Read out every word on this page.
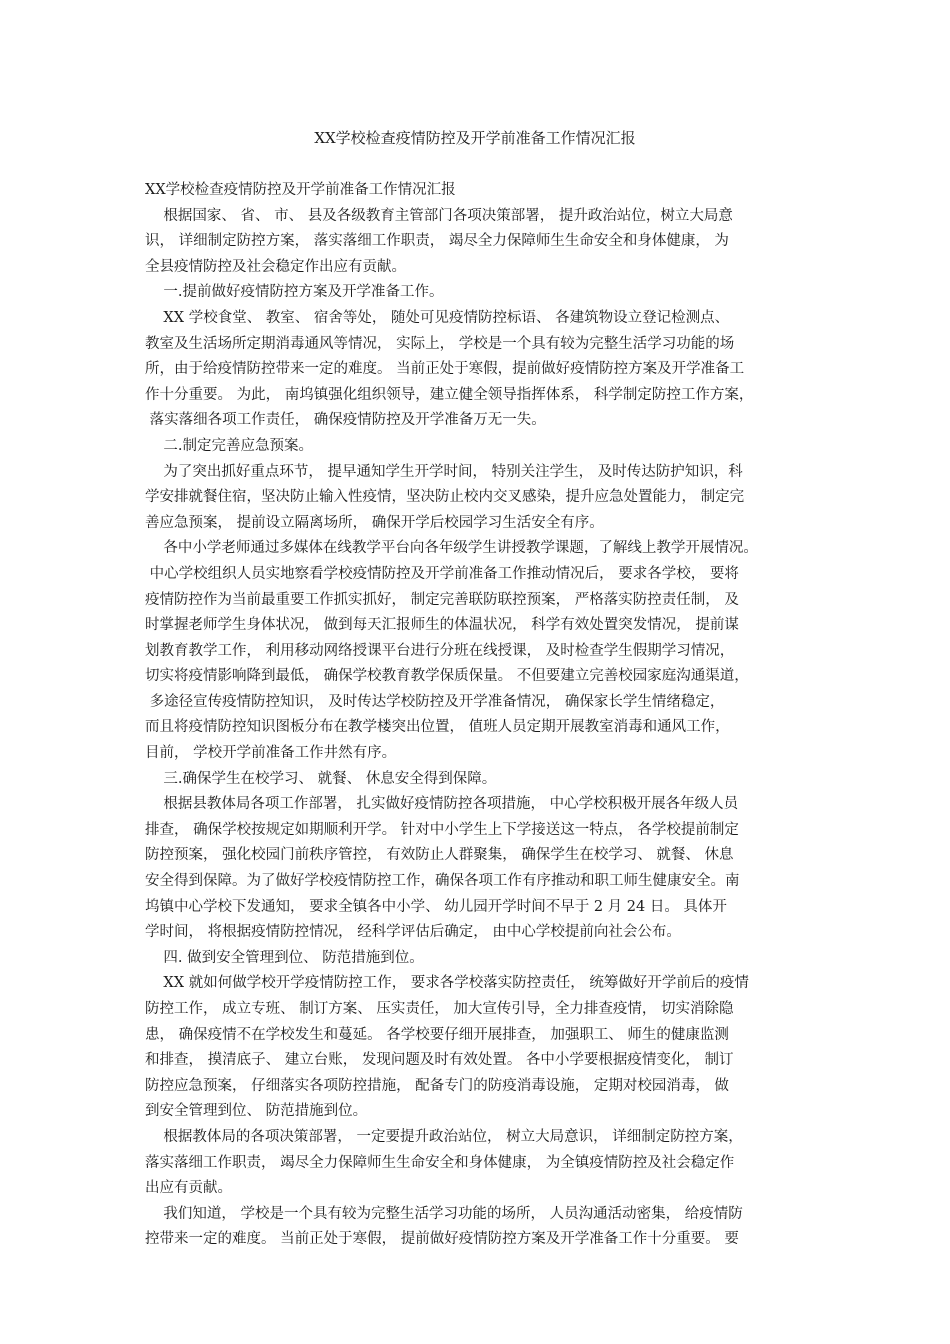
XX学校检查疫情防控及开学前准备工作情况汇报
XX学校检查疫情防控及开学前准备工作情况汇报
根据国家、 省、 市、 县及各级教育主管部门各项决策部署， 提升政治站位，树立大局意
识， 详细制定防控方案， 落实落细工作职责， 竭尽全力保障师生生命安全和身体健康， 为
全县疫情防控及社会稳定作出应有贡献。
一.提前做好疫情防控方案及开学准备工作。
XX 学校食堂、 教室、 宿舍等处， 随处可见疫情防控标语、 各建筑物设立登记检测点、
教室及生活场所定期消毒通风等情况， 实际上， 学校是一个具有较为完整生活学习功能的场
所，由于给疫情防控带来一定的难度。 当前正处于寒假，提前做好疫情防控方案及开学准备工
作十分重要。 为此， 南坞镇强化组织领导，建立健全领导指挥体系， 科学制定防控工作方案，
落实落细各项工作责任， 确保疫情防控及开学准备万无一失。
二.制定完善应急预案。
为了突出抓好重点环节， 提早通知学生开学时间， 特别关注学生， 及时传达防护知识，科
学安排就餐住宿，坚决防止输入性疫情，坚决防止校内交叉感染，提升应急处置能力， 制定完
善应急预案， 提前设立隔离场所， 确保开学后校园学习生活安全有序。
各中小学老师通过多媒体在线教学平台向各年级学生讲授教学课题，了解线上教学开展情况。
中心学校组织人员实地察看学校疫情防控及开学前准备工作推动情况后， 要求各学校， 要将
疫情防控作为当前最重要工作抓实抓好， 制定完善联防联控预案， 严格落实防控责任制， 及
时掌握老师学生身体状况， 做到每天汇报师生的体温状况， 科学有效处置突发情况， 提前谋
划教育教学工作， 利用移动网络授课平台进行分班在线授课， 及时检查学生假期学习情况，
切实将疫情影响降到最低， 确保学校教育教学保质保量。 不但要建立完善校园家庭沟通渠道，
多途径宣传疫情防控知识， 及时传达学校防控及开学准备情况， 确保家长学生情绪稳定，
而且将疫情防控知识图板分布在教学楼突出位置， 值班人员定期开展教室消毒和通风工作，
目前， 学校开学前准备工作井然有序。
三.确保学生在校学习、 就餐、 休息安全得到保障。
根据县教体局各项工作部署， 扎实做好疫情防控各项措施， 中心学校积极开展各年级人员
排查， 确保学校按规定如期顺利开学。 针对中小学生上下学接送这一特点， 各学校提前制定
防控预案， 强化校园门前秩序管控， 有效防止人群聚集， 确保学生在校学习、 就餐、 休息
安全得到保障。为了做好学校疫情防控工作，确保各项工作有序推动和职工师生健康安全。南
坞镇中心学校下发通知， 要求全镇各中小学、 幼儿园开学时间不早于 2 月 24 日。 具体开
学时间， 将根据疫情防控情况， 经科学评估后确定， 由中心学校提前向社会公布。
四. 做到安全管理到位、 防范措施到位。
XX 就如何做学校开学疫情防控工作， 要求各学校落实防控责任， 统筹做好开学前后的疫情
防控工作， 成立专班、 制订方案、 压实责任， 加大宣传引导，全力排查疫情， 切实消除隐
患， 确保疫情不在学校发生和蔓延。 各学校要仔细开展排查， 加强职工、 师生的健康监测
和排查， 摸清底子、 建立台账， 发现问题及时有效处置。 各中小学要根据疫情变化， 制订
防控应急预案， 仔细落实各项防控措施， 配备专门的防疫消毒设施， 定期对校园消毒， 做
到安全管理到位、 防范措施到位。
根据教体局的各项决策部署， 一定要提升政治站位， 树立大局意识， 详细制定防控方案，
落实落细工作职责， 竭尽全力保障师生生命安全和身体健康， 为全镇疫情防控及社会稳定作
出应有贡献。
我们知道， 学校是一个具有较为完整生活学习功能的场所， 人员沟通活动密集， 给疫情防
控带来一定的难度。 当前正处于寒假， 提前做好疫情防控方案及开学准备工作十分重要。 要
